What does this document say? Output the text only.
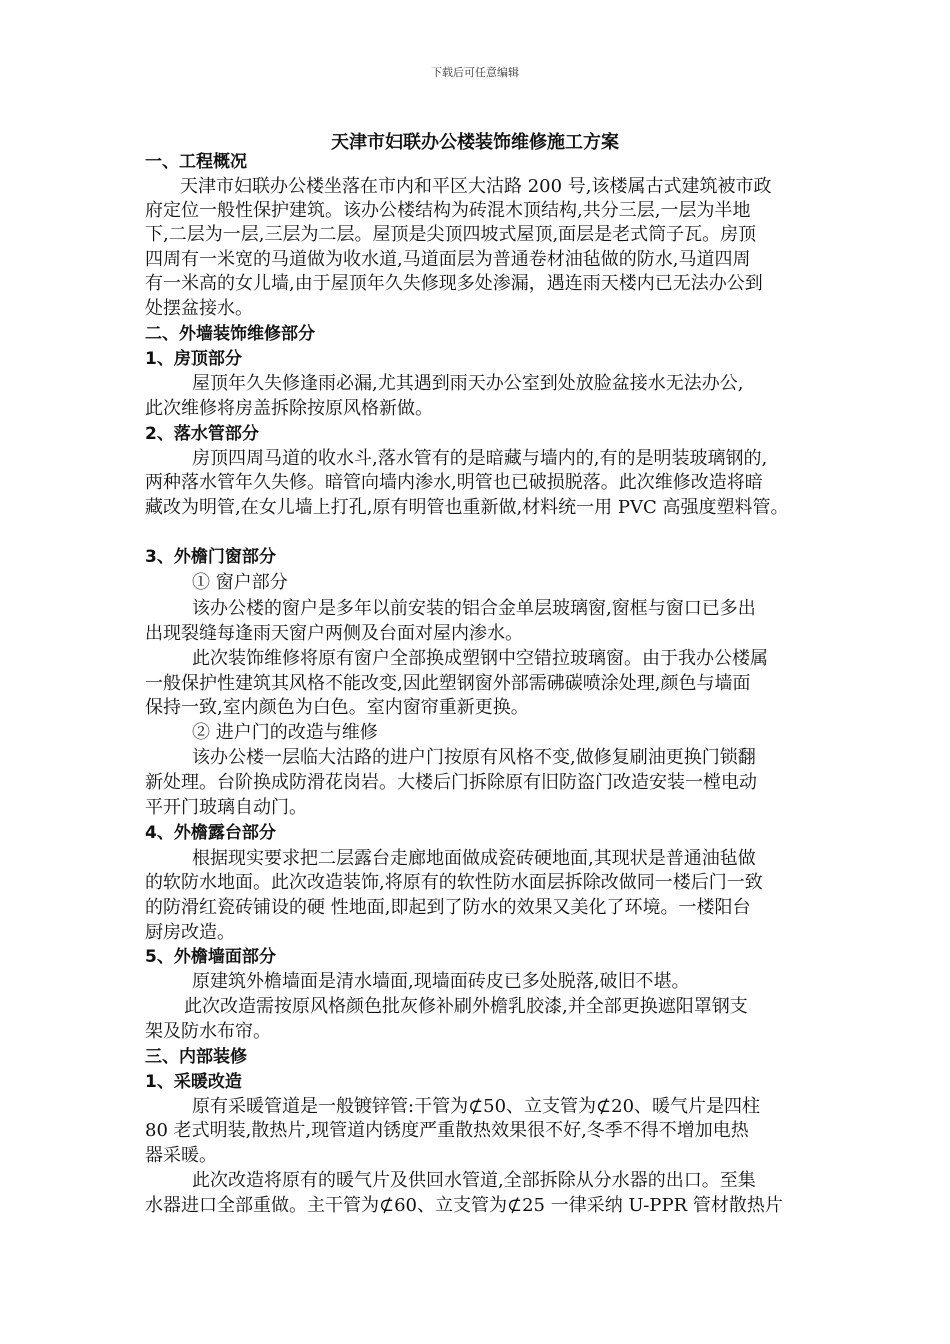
下载后可任意编辑
天津市妇联办公楼装饰维修施工方案
一、工程概况
天津市妇联办公楼坐落在市内和平区大沽路 200 号,该楼属古式建筑被市政
府定位一般性保护建筑。该办公楼结构为砖混木顶结构,共分三层,一层为半地
下,二层为一层,三层为二层。屋顶是尖顶四坡式屋顶,面层是老式筒子瓦。房顶
四周有一米宽的马道做为收水道,马道面层为普通卷材油毡做的防水,马道四周
有一米高的女儿墙,由于屋顶年久失修现多处渗漏，遇连雨天楼内已无法办公到
处摆盆接水。
二、外墙装饰维修部分
1、房顶部分
屋顶年久失修逢雨必漏,尤其遇到雨天办公室到处放脸盆接水无法办公,
此次维修将房盖拆除按原风格新做。
2、落水管部分
房顶四周马道的收水斗,落水管有的是暗藏与墙内的,有的是明装玻璃钢的,
两种落水管年久失修。暗管向墙内渗水,明管也已破损脱落。此次维修改造将暗
藏改为明管,在女儿墙上打孔,原有明管也重新做,材料统一用 PVC 高强度塑料管。
3、外檐门窗部分
① 窗户部分
该办公楼的窗户是多年以前安装的铝合金单层玻璃窗,窗框与窗口已多出
出现裂缝每逢雨天窗户两侧及台面对屋内渗水。
此次装饰维修将原有窗户全部换成塑钢中空错拉玻璃窗。由于我办公楼属
一般保护性建筑其风格不能改变,因此塑钢窗外部需砩碳喷涂处理,颜色与墙面
保持一致,室内颜色为白色。室内窗帘重新更换。
② 进户门的改造与维修
该办公楼一层临大沽路的进户门按原有风格不变,做修复刷油更换门锁翻
新处理。台阶换成防滑花岗岩。大楼后门拆除原有旧防盗门改造安装一樘电动
平开门玻璃自动门。
4、外檐露台部分
根据现实要求把二层露台走廊地面做成瓷砖硬地面,其现状是普通油毡做
的软防水地面。此次改造装饰,将原有的软性防水面层拆除改做同一楼后门一致
的防滑红瓷砖铺设的硬 性地面,即起到了防水的效果又美化了环境。一楼阳台
厨房改造。
5、外檐墙面部分
原建筑外檐墙面是清水墙面,现墙面砖皮已多处脱落,破旧不堪。
此次改造需按原风格颜色批灰修补刷外檐乳胶漆,并全部更换遮阳罩钢支
架及防水布帘。
三、内部装修
1、采暖改造
原有采暖管道是一般镀锌管:干管为⊄50、立支管为⊄20、暖气片是四柱
80 老式明装,散热片,现管道内锈度严重散热效果很不好,冬季不得不增加电热
器采暖。
此次改造将原有的暖气片及供回水管道,全部拆除从分水器的出口。至集
水器进口全部重做。主干管为⊄60、立支管为⊄25 一律采纳 U-PPR 管材散热片
